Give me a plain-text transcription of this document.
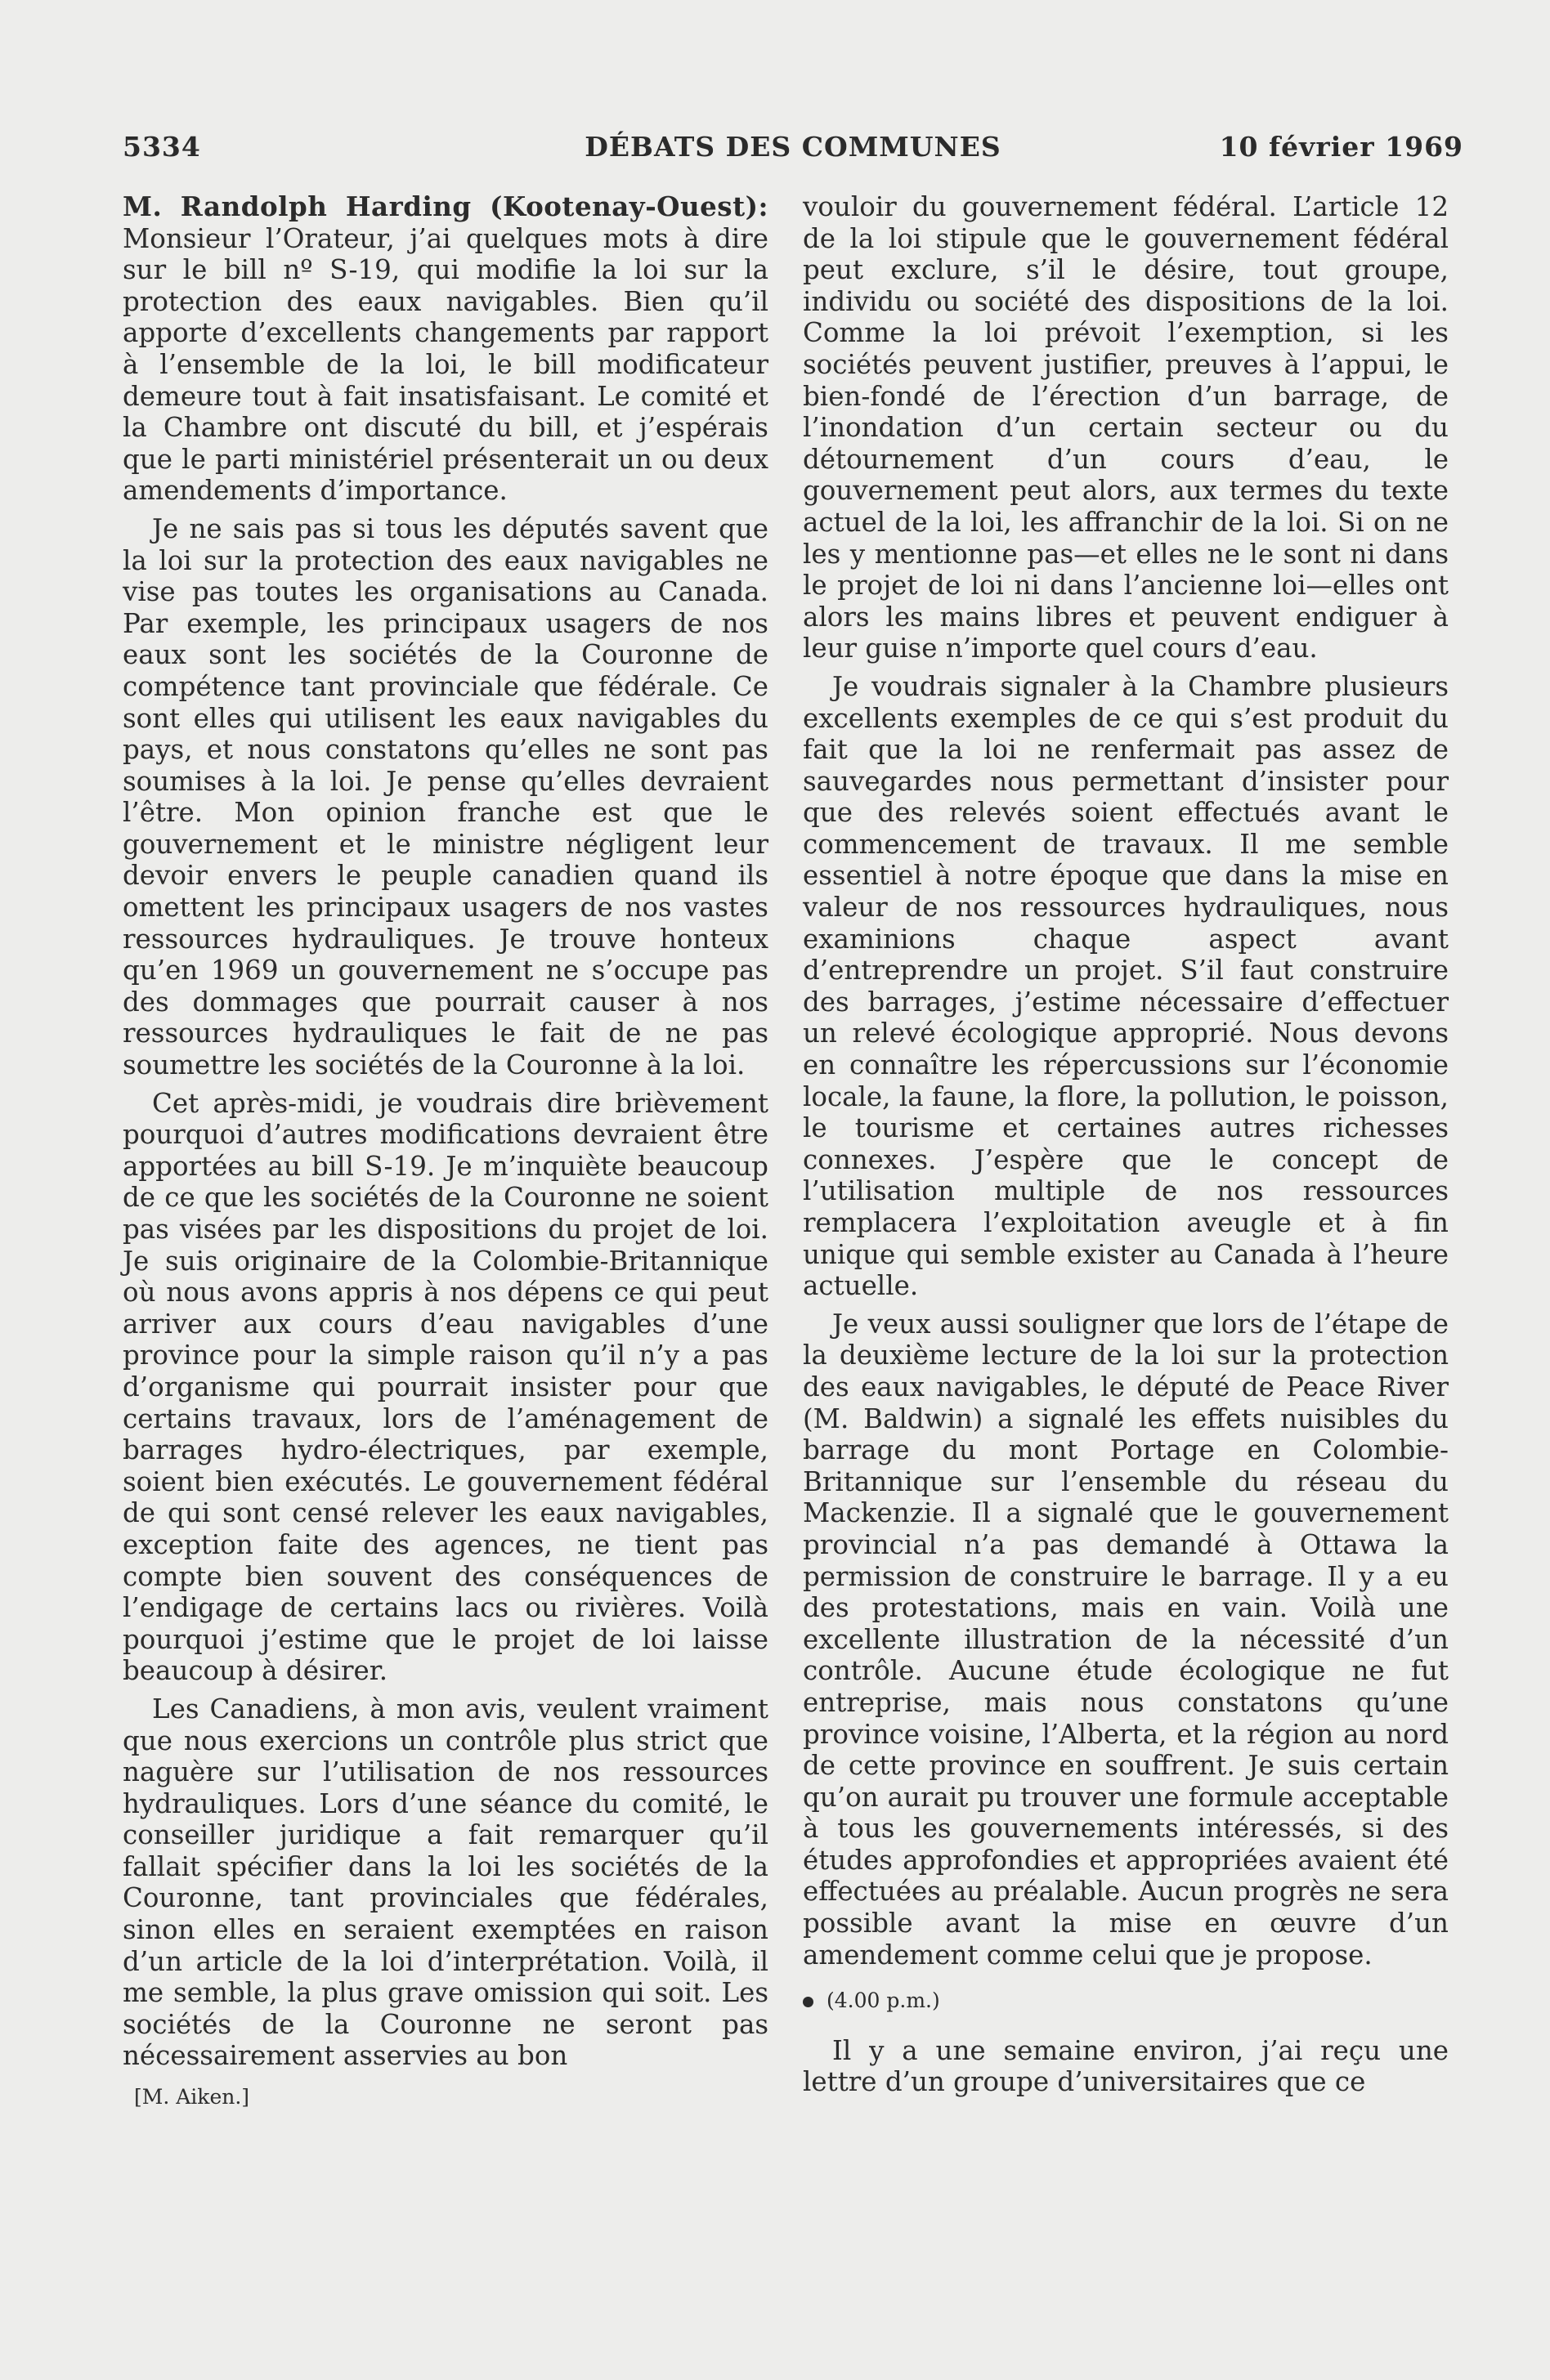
5334	DÉBATS DES COMMUNES	10 février 1969

M. Randolph Harding (Kootenay-Ouest): Monsieur l’Orateur, j’ai quelques mots à dire sur le bill nº S-19, qui modifie la loi sur la protection des eaux navigables. Bien qu’il apporte d’excellents changements par rapport à l’ensemble de la loi, le bill modificateur demeure tout à fait insatisfaisant. Le comité et la Chambre ont discuté du bill, et j’espérais que le parti ministériel présenterait un ou deux amendements d’importance.

Je ne sais pas si tous les députés savent que la loi sur la protection des eaux navigables ne vise pas toutes les organisations au Canada. Par exemple, les principaux usagers de nos eaux sont les sociétés de la Couronne de compétence tant provinciale que fédérale. Ce sont elles qui utilisent les eaux navigables du pays, et nous constatons qu’elles ne sont pas soumises à la loi. Je pense qu’elles devraient l’être. Mon opinion franche est que le gouvernement et le ministre négligent leur devoir envers le peuple canadien quand ils omettent les principaux usagers de nos vastes ressources hydrauliques. Je trouve honteux qu’en 1969 un gouvernement ne s’occupe pas des dommages que pourrait causer à nos ressources hydrauliques le fait de ne pas soumettre les sociétés de la Couronne à la loi.

Cet après-midi, je voudrais dire brièvement pourquoi d’autres modifications devraient être apportées au bill S-19. Je m’inquiète beaucoup de ce que les sociétés de la Couronne ne soient pas visées par les dispositions du projet de loi. Je suis originaire de la Colombie-Britannique où nous avons appris à nos dépens ce qui peut arriver aux cours d’eau navigables d’une province pour la simple raison qu’il n’y a pas d’organisme qui pourrait insister pour que certains travaux, lors de l’aménagement de barrages hydro-électriques, par exemple, soient bien exécutés. Le gouvernement fédéral de qui sont censé relever les eaux navigables, exception faite des agences, ne tient pas compte bien souvent des conséquences de l’endigage de certains lacs ou rivières. Voilà pourquoi j’estime que le projet de loi laisse beaucoup à désirer.

Les Canadiens, à mon avis, veulent vraiment que nous exercions un contrôle plus strict que naguère sur l’utilisation de nos ressources hydrauliques. Lors d’une séance du comité, le conseiller juridique a fait remarquer qu’il fallait spécifier dans la loi les sociétés de la Couronne, tant provinciales que fédérales, sinon elles en seraient exemptées en raison d’un article de la loi d’interprétation. Voilà, il me semble, la plus grave omission qui soit. Les sociétés de la Couronne ne seront pas nécessairement asservies au bon

[M. Aiken.]

vouloir du gouvernement fédéral. L’article 12 de la loi stipule que le gouvernement fédéral peut exclure, s’il le désire, tout groupe, individu ou société des dispositions de la loi. Comme la loi prévoit l’exemption, si les sociétés peuvent justifier, preuves à l’appui, le bien-fondé de l’érection d’un barrage, de l’inondation d’un certain secteur ou du détournement d’un cours d’eau, le gouvernement peut alors, aux termes du texte actuel de la loi, les affranchir de la loi. Si on ne les y mentionne pas—et elles ne le sont ni dans le projet de loi ni dans l’ancienne loi—elles ont alors les mains libres et peuvent endiguer à leur guise n’importe quel cours d’eau.

Je voudrais signaler à la Chambre plusieurs excellents exemples de ce qui s’est produit du fait que la loi ne renfermait pas assez de sauvegardes nous permettant d’insister pour que des relevés soient effectués avant le commencement de travaux. Il me semble essentiel à notre époque que dans la mise en valeur de nos ressources hydrauliques, nous examinions chaque aspect avant d’entreprendre un projet. S’il faut construire des barrages, j’estime nécessaire d’effectuer un relevé écologique approprié. Nous devons en connaître les répercussions sur l’économie locale, la faune, la flore, la pollution, le poisson, le tourisme et certaines autres richesses connexes. J’espère que le concept de l’utilisation multiple de nos ressources remplacera l’exploitation aveugle et à fin unique qui semble exister au Canada à l’heure actuelle.

Je veux aussi souligner que lors de l’étape de la deuxième lecture de la loi sur la protection des eaux navigables, le député de Peace River (M. Baldwin) a signalé les effets nuisibles du barrage du mont Portage en Colombie-Britannique sur l’ensemble du réseau du Mackenzie. Il a signalé que le gouvernement provincial n’a pas demandé à Ottawa la permission de construire le barrage. Il y a eu des protestations, mais en vain. Voilà une excellente illustration de la nécessité d’un contrôle. Aucune étude écologique ne fut entreprise, mais nous constatons qu’une province voisine, l’Alberta, et la région au nord de cette province en souffrent. Je suis certain qu’on aurait pu trouver une formule acceptable à tous les gouvernements intéressés, si des études approfondies et appropriées avaient été effectuées au préalable. Aucun progrès ne sera possible avant la mise en œuvre d’un amendement comme celui que je propose.

(4.00 p.m.)

Il y a une semaine environ, j’ai reçu une lettre d’un groupe d’universitaires que ce
